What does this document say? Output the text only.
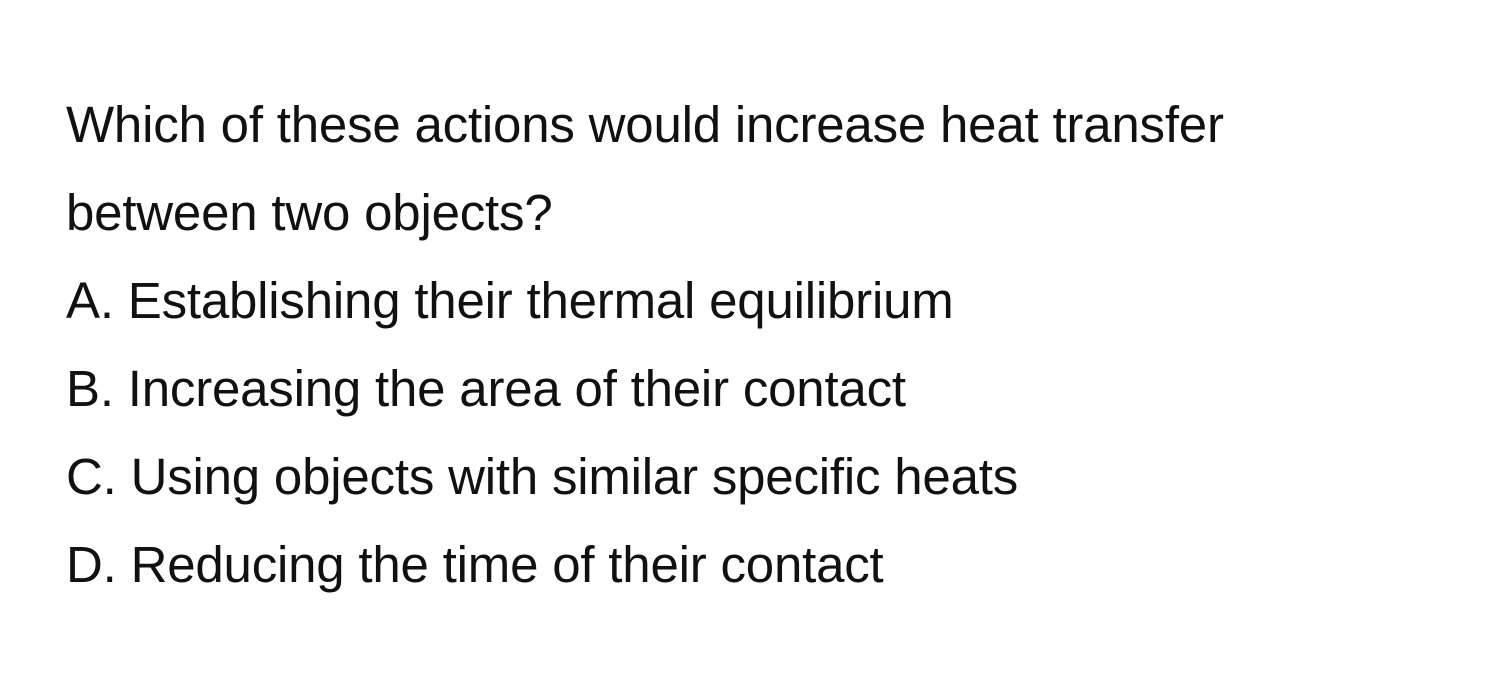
Which of these actions would increase heat transfer
between two objects?
A. Establishing their thermal equilibrium
B. Increasing the area of their contact
C. Using objects with similar specific heats
D. Reducing the time of their contact
